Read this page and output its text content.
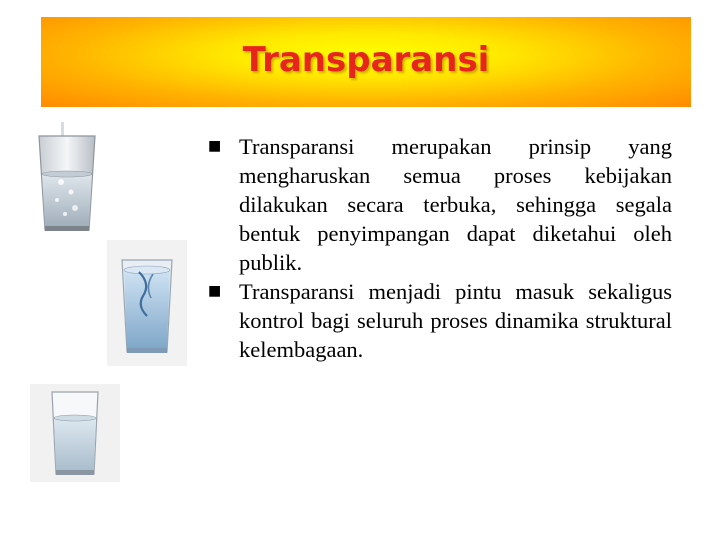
Transparansi
■ Transparansi merupakan prinsip yang mengharuskan semua proses kebijakan dilakukan secara terbuka, sehingga segala bentuk penyimpangan dapat diketahui oleh publik.
■ Transparansi menjadi pintu masuk sekaligus kontrol bagi seluruh proses dinamika struktural kelembagaan.
